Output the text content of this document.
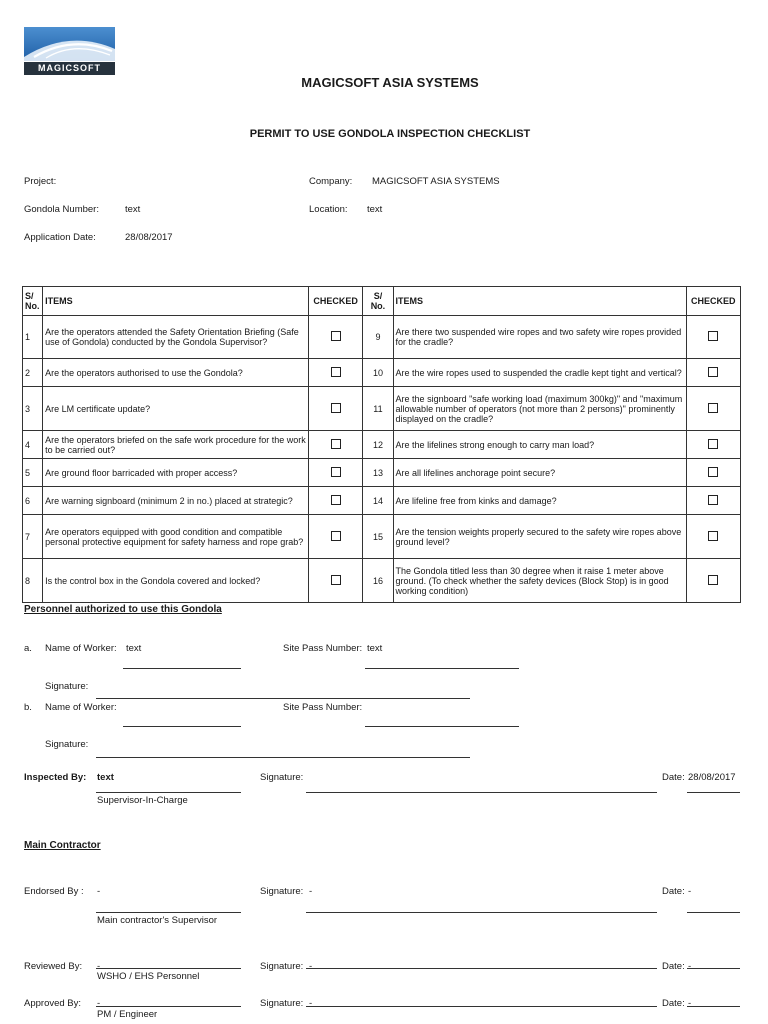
MAGICSOFT
MAGICSOFT ASIA SYSTEMS
PERMIT TO USE GONDOLA INSPECTION CHECKLIST
Project:	Company: MAGICSOFT ASIA SYSTEMS
Gondola Number:	text	Location: text
Application Date:	28/08/2017
S/ No.	ITEMS	CHECKED	S/ No.	ITEMS	CHECKED
1	Are the operators attended the Safety Orientation Briefing (Safe use of Gondola) conducted by the Gondola Supervisor?		9	Are there two suspended wire ropes and two safety wire ropes provided for the cradle?	
2	Are the operators authorised to use the Gondola?		10	Are the wire ropes used to suspended the cradle kept tight and vertical?	
3	Are LM certificate update?		11	Are the signboard "safe working load (maximum 300kg)" and "maximum allowable number of operators (not more than 2 persons)" prominently displayed on the cradle?	
4	Are the operators briefed on the safe work procedure for the work to be carried out?		12	Are the lifelines strong enough to carry man load?	
5	Are ground floor barricaded with proper access?		13	Are all lifelines anchorage point secure?	
6	Are warning signboard (minimum 2 in no.) placed at strategic?		14	Are lifeline free from kinks and damage?	
7	Are operators equipped with good condition and compatible personal protective equipment for safety harness and rope grab?		15	Are the tension weights properly secured to the safety wire ropes above ground level?	
8	Is the control box in the Gondola covered and locked?		16	The Gondola titled less than 30 degree when it raise 1 meter above ground. (To check whether the safety devices (Block Stop) is in good working condition)	
Personnel authorized to use this Gondola
a. Name of Worker: text	Site Pass Number: text
Signature:
b. Name of Worker:	Site Pass Number:
Signature:
Inspected By: text
Supervisor-In-Charge
Signature:	Date: 28/08/2017
Main Contractor
Endorsed By : -
Main contractor's Supervisor
Signature: -	Date: -
Reviewed By: -
WSHO / EHS Personnel
Signature: -	Date: -
Approved By: -
PM / Engineer
Signature: -	Date: -
